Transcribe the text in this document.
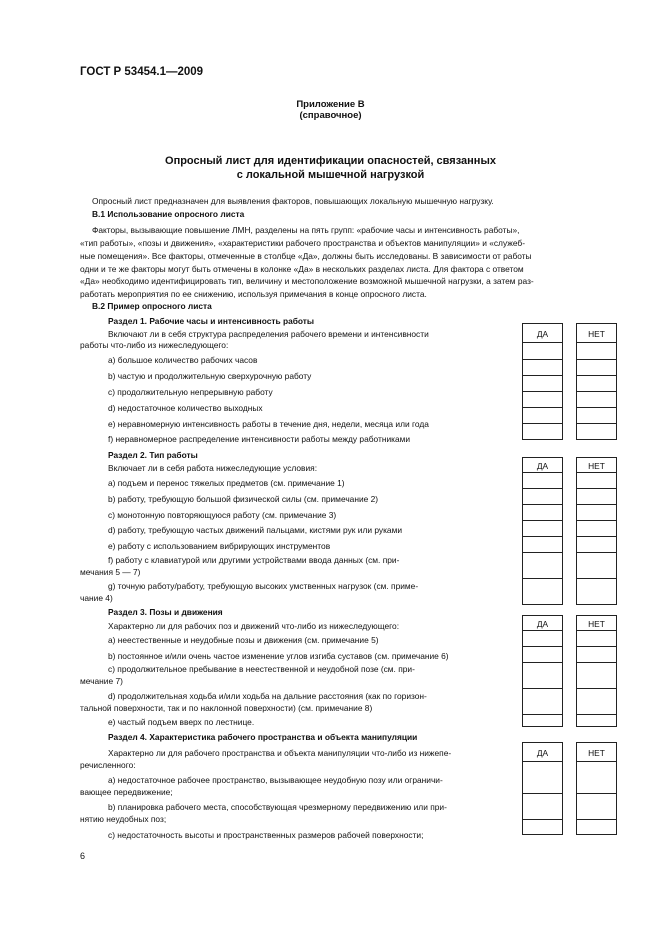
ГОСТ Р 53454.1—2009
Приложение В
(справочное)
Опросный лист для идентификации опасностей, связанных
с локальной мышечной нагрузкой
Опросный лист предназначен для выявления факторов, повышающих локальную мышечную нагрузку.
В.1 Использование опросного листа
Факторы, вызывающие повышение ЛМН, разделены на пять групп: «рабочие часы и интенсивность работы»,
«тип работы», «позы и движения», «характеристики рабочего пространства и объектов манипуляции» и «служеб-
ные помещения». Все факторы, отмеченные в столбце «Да», должны быть исследованы. В зависимости от работы
одни и те же факторы могут быть отмечены в колонке «Да» в нескольких разделах листа. Для фактора с ответом
«Да» необходимо идентифицировать тип, величину и местоположение возможной мышечной нагрузки, а затем раз-
работать мероприятия по ее снижению, используя примечания в конце опросного листа.
В.2 Пример опросного листа
Раздел 1. Рабочие часы и интенсивность работы
Включают ли в себя структура распределения рабочего времени и интенсивности
работы что-либо из нижеследующего:
a) большое количество рабочих часов
b) частую и продолжительную сверхурочную работу
c) продолжительную непрерывную работу
d) недостаточное количество выходных
e) неравномерную интенсивность работы в течение дня, недели, месяца или года
f) неравномерное распределение интенсивности работы между работниками
ДА	НЕТ
Раздел 2. Тип работы
Включает ли в себя работа нижеследующие условия:
a) подъем и перенос тяжелых предметов (см. примечание 1)
b) работу, требующую большой физической силы (см. примечание 2)
c) монотонную повторяющуюся работу (см. примечание 3)
d) работу, требующую частых движений пальцами, кистями рук или руками
e) работу с использованием вибрирующих инструментов
f) работу с клавиатурой или другими устройствами ввода данных (см. при-
мечания 5 — 7)
g) точную работу/работу, требующую высоких умственных нагрузок (см. приме-
чание 4)
ДА	НЕТ
Раздел 3. Позы и движения
Характерно ли для рабочих поз и движений что-либо из нижеследующего:
a) неестественные и неудобные позы и движения (см. примечание 5)
b) постоянное и/или очень частое изменение углов изгиба суставов (см. примечание 6)
c) продолжительное пребывание в неестественной и неудобной позе (см. при-
мечание 7)
d) продолжительная ходьба и/или ходьба на дальние расстояния (как по горизон-
тальной поверхности, так и по наклонной поверхности) (см. примечание 8)
e) частый подъем вверх по лестнице.
ДА	НЕТ
Раздел 4. Характеристика рабочего пространства и объекта манипуляции
Характерно ли для рабочего пространства и объекта манипуляции что-либо из нижепе-
речисленного:
a) недостаточное рабочее пространство, вызывающее неудобную позу или ограничи-
вающее передвижение;
b) планировка рабочего места, способствующая чрезмерному передвижению или при-
нятию неудобных поз;
c) недостаточность высоты и пространственных размеров рабочей поверхности;
ДА	НЕТ
6
